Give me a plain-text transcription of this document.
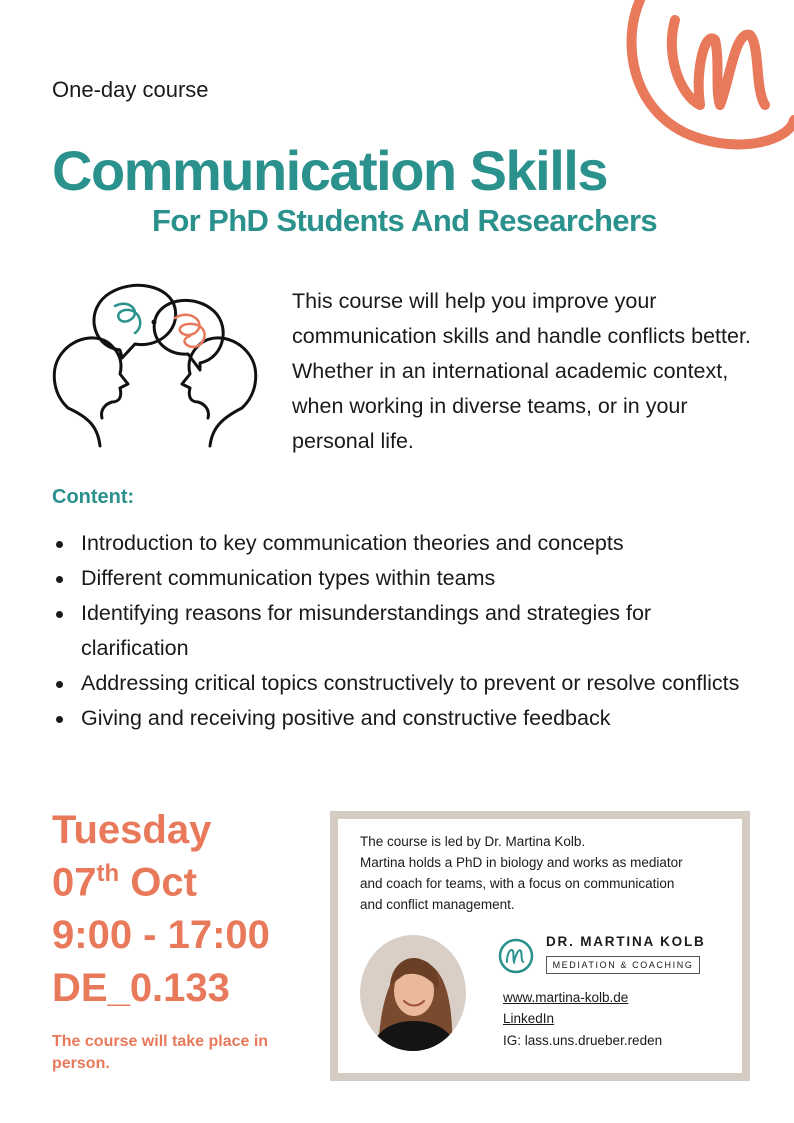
One-day course
Communication Skills
For PhD Students And Researchers
This course will help you improve your communication skills and handle conflicts better. Whether in an international academic context, when working in diverse teams, or in your personal life.
Content:
Introduction to key communication theories and concepts
Different communication types within teams
Identifying reasons for misunderstandings and strategies for clarification
Addressing critical topics constructively to prevent or resolve conflicts
Giving and receiving positive and constructive feedback
Tuesday
07th Oct
9:00 - 17:00
DE_0.133
The course will take place in person.
The course is led by Dr. Martina Kolb.
Martina holds a PhD in biology and works as mediator
and coach for teams, with a focus on communication
and conflict management.
DR. MARTINA KOLB
MEDIATION & COACHING
www.martina-kolb.de
LinkedIn
IG: lass.uns.drueber.reden
